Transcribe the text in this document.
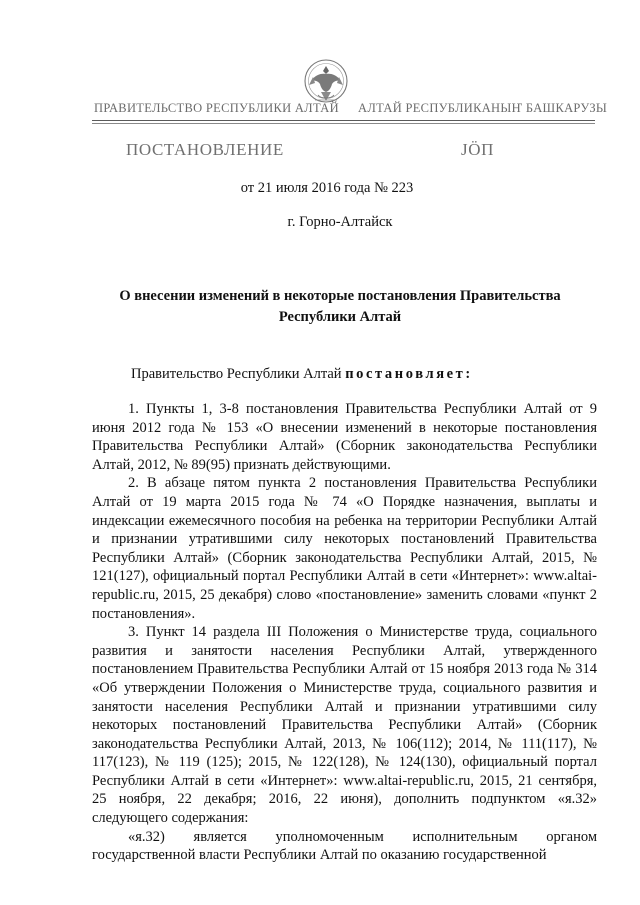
ПРАВИТЕЛЬСТВО РЕСПУБЛИКИ АЛТАЙ АЛТАЙ РЕСПУБЛИКАНЫҤ БАШКАРУЗЫ
ПОСТАНОВЛЕНИЕ	JӦП
от 21 июля 2016 года № 223
г. Горно-Алтайск
О внесении изменений в некоторые постановления Правительства Республики Алтай
Правительство Республики Алтай постановляет:

1. Пункты 1, 3-8 постановления Правительства Республики Алтай от 9 июня 2012 года № 153 «О внесении изменений в некоторые постановления Правительства Республики Алтай» (Сборник законодательства Республики Алтай, 2012, № 89(95) признать действующими.

2. В абзаце пятом пункта 2 постановления Правительства Республики Алтай от 19 марта 2015 года № 74 «О Порядке назначения, выплаты и индексации ежемесячного пособия на ребенка на территории Республики Алтай и признании утратившими силу некоторых постановлений Правительства Республики Алтай» (Сборник законодательства Республики Алтай, 2015, № 121(127), официальный портал Республики Алтай в сети «Интернет»: www.altai-republic.ru, 2015, 25 декабря) слово «постановление» заменить словами «пункт 2 постановления».

3. Пункт 14 раздела III Положения о Министерстве труда, социального развития и занятости населения Республики Алтай, утвержденного постановлением Правительства Республики Алтай от 15 ноября 2013 года № 314 «Об утверждении Положения о Министерстве труда, социального развития и занятости населения Республики Алтай и признании утратившими силу некоторых постановлений Правительства Республики Алтай» (Сборник законодательства Республики Алтай, 2013, № 106(112); 2014, № 111(117), № 117(123), № 119 (125); 2015, № 122(128), № 124(130), официальный портал Республики Алтай в сети «Интернет»: www.altai-republic.ru, 2015, 21 сентября, 25 ноября, 22 декабря; 2016, 22 июня), дополнить подпунктом «я.32» следующего содержания:

«я.32) является уполномоченным исполнительным органом государственной власти Республики Алтай по оказанию государственной
